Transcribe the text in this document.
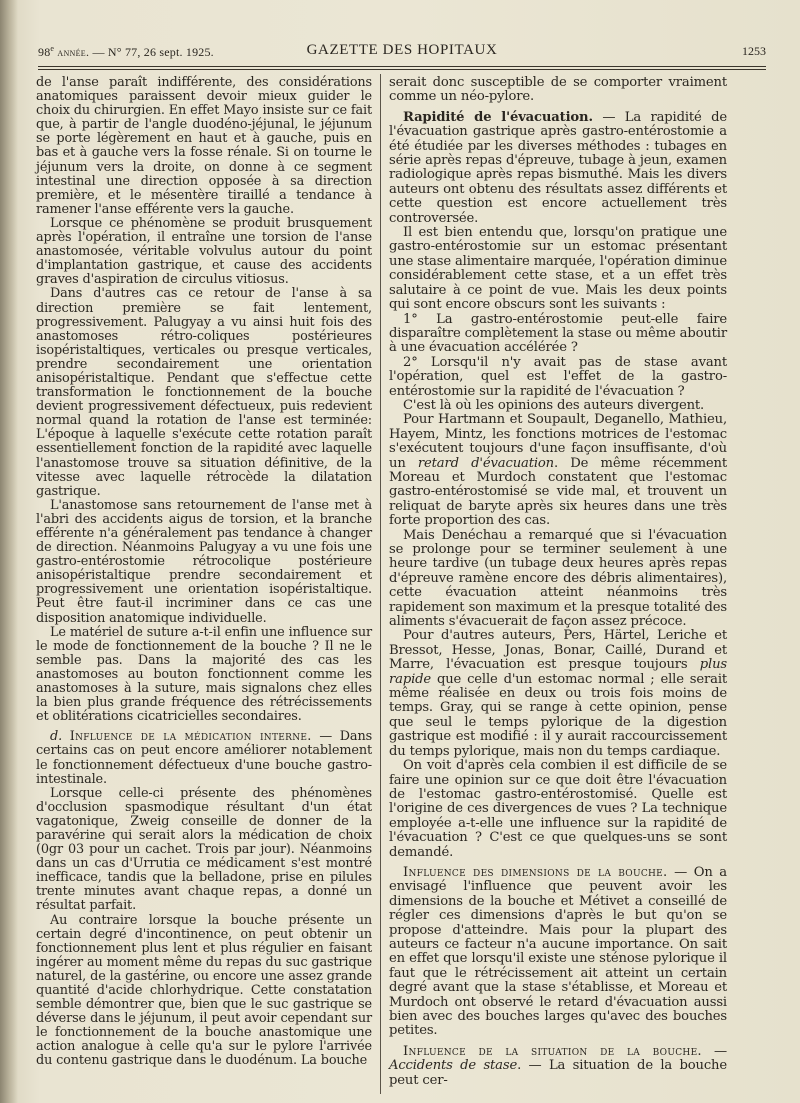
98e année. — N° 77, 26 sept. 1925.	GAZETTE DES HOPITAUX	1253

de l'anse paraît indifférente, des considérations anatomiques paraissent devoir mieux guider le choix du chirurgien. En effet Mayo insiste sur ce fait que, à partir de l'angle duodéno-jéjunal, le jéjunum se porte légèrement en haut et à gauche, puis en bas et à gauche vers la fosse rénale. Si on tourne le jéjunum vers la droite, on donne à ce segment intestinal une direction opposée à sa direction première, et le mésentère tiraillé a tendance à ramener l'anse efférente vers la gauche.

Lorsque ce phénomène se produit brusquement après l'opération, il entraîne une torsion de l'anse anastomosée, véritable volvulus autour du point d'implantation gastrique, et cause des accidents graves d'aspiration de circulus vitiosus.

Dans d'autres cas ce retour de l'anse à sa direction première se fait lentement, progressivement. Palugyay a vu ainsi huit fois des anastomoses rétro-coliques postérieures isopéristaltiques, verticales ou presque verticales, prendre secondairement une orientation anisopéristaltique. Pendant que s'effectue cette transformation le fonctionnement de la bouche devient progressivement défectueux, puis redevient normal quand la rotation de l'anse est terminée: L'époque à laquelle s'exécute cette rotation paraît essentiellement fonction de la rapidité avec laquelle l'anastomose trouve sa situation définitive, de la vitesse avec laquelle rétrocède la dilatation gastrique.

L'anastomose sans retournement de l'anse met à l'abri des accidents aigus de torsion, et la branche efférente n'a généralement pas tendance à changer de direction. Néanmoins Palugyay a vu une fois une gastro-entérostomie rétrocolique postérieure anisopéristaltique prendre secondairement et progressivement une orientation isopéristaltique. Peut être faut-il incriminer dans ce cas une disposition anatomique individuelle.

Le matériel de suture a-t-il enfin une influence sur le mode de fonctionnement de la bouche ? Il ne le semble pas. Dans la majorité des cas les anastomoses au bouton fonctionnent comme les anastomoses à la suture, mais signalons chez elles la bien plus grande fréquence des rétrécissements et oblitérations cicatricielles secondaires.

d. Influence de la médication interne. — Dans certains cas on peut encore améliorer notablement le fonctionnement défectueux d'une bouche gastro-intestinale.

Lorsque celle-ci présente des phénomènes d'occlusion spasmodique résultant d'un état vagatonique, Zweig conseille de donner de la paravérine qui serait alors la médication de choix (0gr 03 pour un cachet. Trois par jour). Néanmoins dans un cas d'Urrutia ce médicament s'est montré inefficace, tandis que la belladone, prise en pilules trente minutes avant chaque repas, a donné un résultat parfait.

Au contraire lorsque la bouche présente un certain degré d'incontinence, on peut obtenir un fonctionnement plus lent et plus régulier en faisant ingérer au moment même du repas du suc gastrique naturel, de la gastérine, ou encore une assez grande quantité d'acide chlorhydrique. Cette constatation semble démontrer que, bien que le suc gastrique se déverse dans le jéjunum, il peut avoir cependant sur le fonctionnement de la bouche anastomique une action analogue à celle qu'a sur le pylore l'arrivée du contenu gastrique dans le duodénum. La bouche

serait donc susceptible de se comporter vraiment comme un néo-pylore.

Rapidité de l'évacuation. — La rapidité de l'évacuation gastrique après gastro-entérostomie a été étudiée par les diverses méthodes : tubages en série après repas d'épreuve, tubage à jeun, examen radiologique après repas bismuthé. Mais les divers auteurs ont obtenu des résultats assez différents et cette question est encore actuellement très controversée.

Il est bien entendu que, lorsqu'on pratique une gastro-entérostomie sur un estomac présentant une stase alimentaire marquée, l'opération diminue considérablement cette stase, et a un effet très salutaire à ce point de vue. Mais les deux points qui sont encore obscurs sont les suivants :

1° La gastro-entérostomie peut-elle faire disparaître complètement la stase ou même aboutir à une évacuation accélérée ?

2° Lorsqu'il n'y avait pas de stase avant l'opération, quel est l'effet de la gastro-entérostomie sur la rapidité de l'évacuation ?

C'est là où les opinions des auteurs divergent.

Pour Hartmann et Soupault, Deganello, Mathieu, Hayem, Mintz, les fonctions motrices de l'estomac s'exécutent toujours d'une façon insuffisante, d'où un retard d'évacuation. De même récemment Moreau et Murdoch constatent que l'estomac gastro-entérostomisé se vide mal, et trouvent un reliquat de baryte après six heures dans une très forte proportion des cas.

Mais Denéchau a remarqué que si l'évacuation se prolonge pour se terminer seulement à une heure tardive (un tubage deux heures après repas d'épreuve ramène encore des débris alimentaires), cette évacuation atteint néanmoins très rapidement son maximum et la presque totalité des aliments s'évacuerait de façon assez précoce.

Pour d'autres auteurs, Pers, Härtel, Leriche et Bressot, Hesse, Jonas, Bonar, Caillé, Durand et Marre, l'évacuation est presque toujours plus rapide que celle d'un estomac normal ; elle serait même réalisée en deux ou trois fois moins de temps. Gray, qui se range à cette opinion, pense que seul le temps pylorique de la digestion gastrique est modifié : il y aurait raccourcissement du temps pylorique, mais non du temps cardiaque.

On voit d'après cela combien il est difficile de se faire une opinion sur ce que doit être l'évacuation de l'estomac gastro-entérostomisé. Quelle est l'origine de ces divergences de vues ? La technique employée a-t-elle une influence sur la rapidité de l'évacuation ? C'est ce que quelques-uns se sont demandé.

Influence des dimensions de la bouche. — On a envisagé l'influence que peuvent avoir les dimensions de la bouche et Métivet a conseillé de régler ces dimensions d'après le but qu'on se propose d'atteindre. Mais pour la plupart des auteurs ce facteur n'a aucune importance. On sait en effet que lorsqu'il existe une sténose pylorique il faut que le rétrécissement ait atteint un certain degré avant que la stase s'établisse, et Moreau et Murdoch ont observé le retard d'évacuation aussi bien avec des bouches larges qu'avec des bouches petites.

Influence de la situation de la bouche. — Accidents de stase. — La situation de la bouche peut cer-
